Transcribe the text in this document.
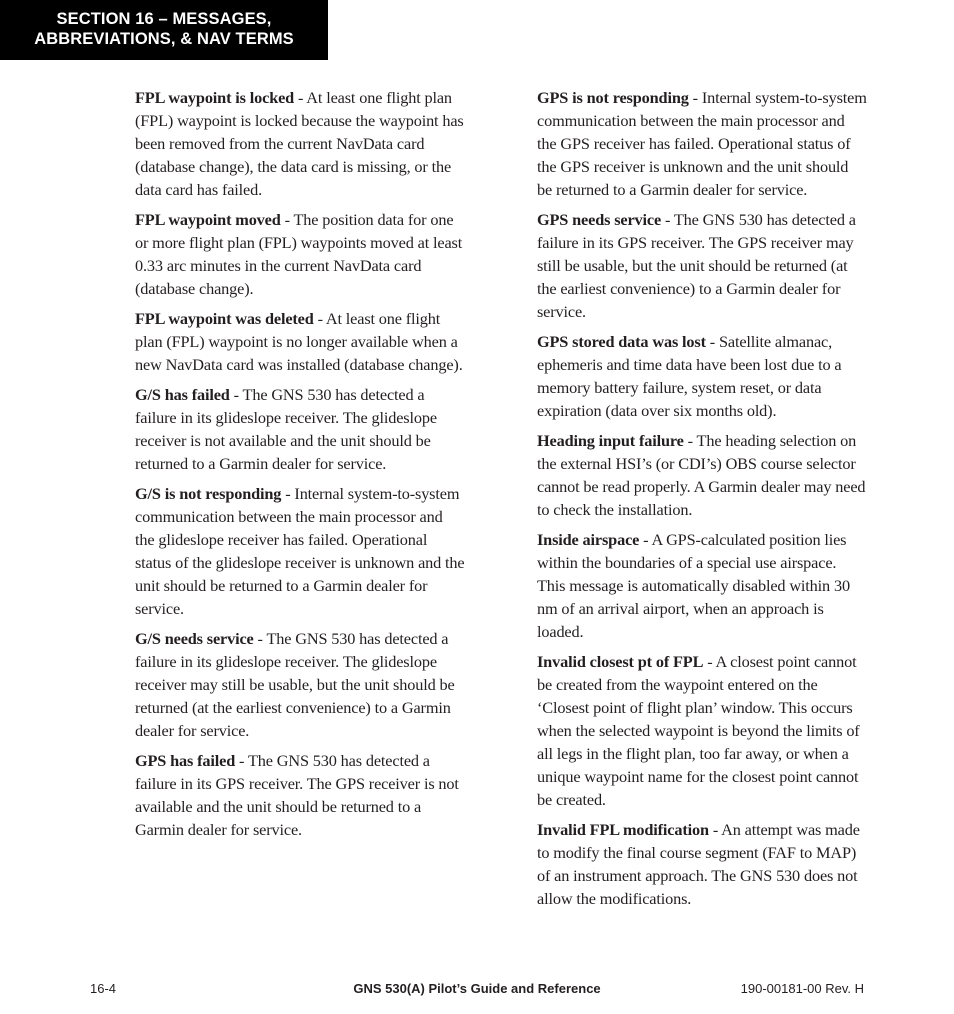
SECTION 16 – MESSAGES,
ABBREVIATIONS, & NAV TERMS

FPL waypoint is locked - At least one flight plan (FPL) waypoint is locked because the waypoint has been removed from the current NavData card (database change), the data card is missing, or the data card has failed.

FPL waypoint moved - The position data for one or more flight plan (FPL) waypoints moved at least 0.33 arc minutes in the current NavData card (database change).

FPL waypoint was deleted - At least one flight plan (FPL) waypoint is no longer available when a new NavData card was installed (database change).

G/S has failed - The GNS 530 has detected a failure in its glideslope receiver. The glideslope receiver is not available and the unit should be returned to a Garmin dealer for service.

G/S is not responding - Internal system-to-system communication between the main processor and the glideslope receiver has failed. Operational status of the glideslope receiver is unknown and the unit should be returned to a Garmin dealer for service.

G/S needs service - The GNS 530 has detected a failure in its glideslope receiver. The glideslope receiver may still be usable, but the unit should be returned (at the earliest convenience) to a Garmin dealer for service.

GPS has failed - The GNS 530 has detected a failure in its GPS receiver. The GPS receiver is not available and the unit should be returned to a Garmin dealer for service.

GPS is not responding - Internal system-to-system communication between the main processor and the GPS receiver has failed. Operational status of the GPS receiver is unknown and the unit should be returned to a Garmin dealer for service.

GPS needs service - The GNS 530 has detected a failure in its GPS receiver. The GPS receiver may still be usable, but the unit should be returned (at the earliest convenience) to a Garmin dealer for service.

GPS stored data was lost - Satellite almanac, ephemeris and time data have been lost due to a memory battery failure, system reset, or data expiration (data over six months old).

Heading input failure - The heading selection on the external HSI’s (or CDI’s) OBS course selector cannot be read properly. A Garmin dealer may need to check the installation.

Inside airspace - A GPS-calculated position lies within the boundaries of a special use airspace. This message is automatically disabled within 30 nm of an arrival airport, when an approach is loaded.

Invalid closest pt of FPL - A closest point cannot be created from the waypoint entered on the ‘Closest point of flight plan’ window. This occurs when the selected waypoint is beyond the limits of all legs in the flight plan, too far away, or when a unique waypoint name for the closest point cannot be created.

Invalid FPL modification - An attempt was made to modify the final course segment (FAF to MAP) of an instrument approach. The GNS 530 does not allow the modifications.

16-4	GNS 530(A) Pilot’s Guide and Reference	190-00181-00 Rev. H
